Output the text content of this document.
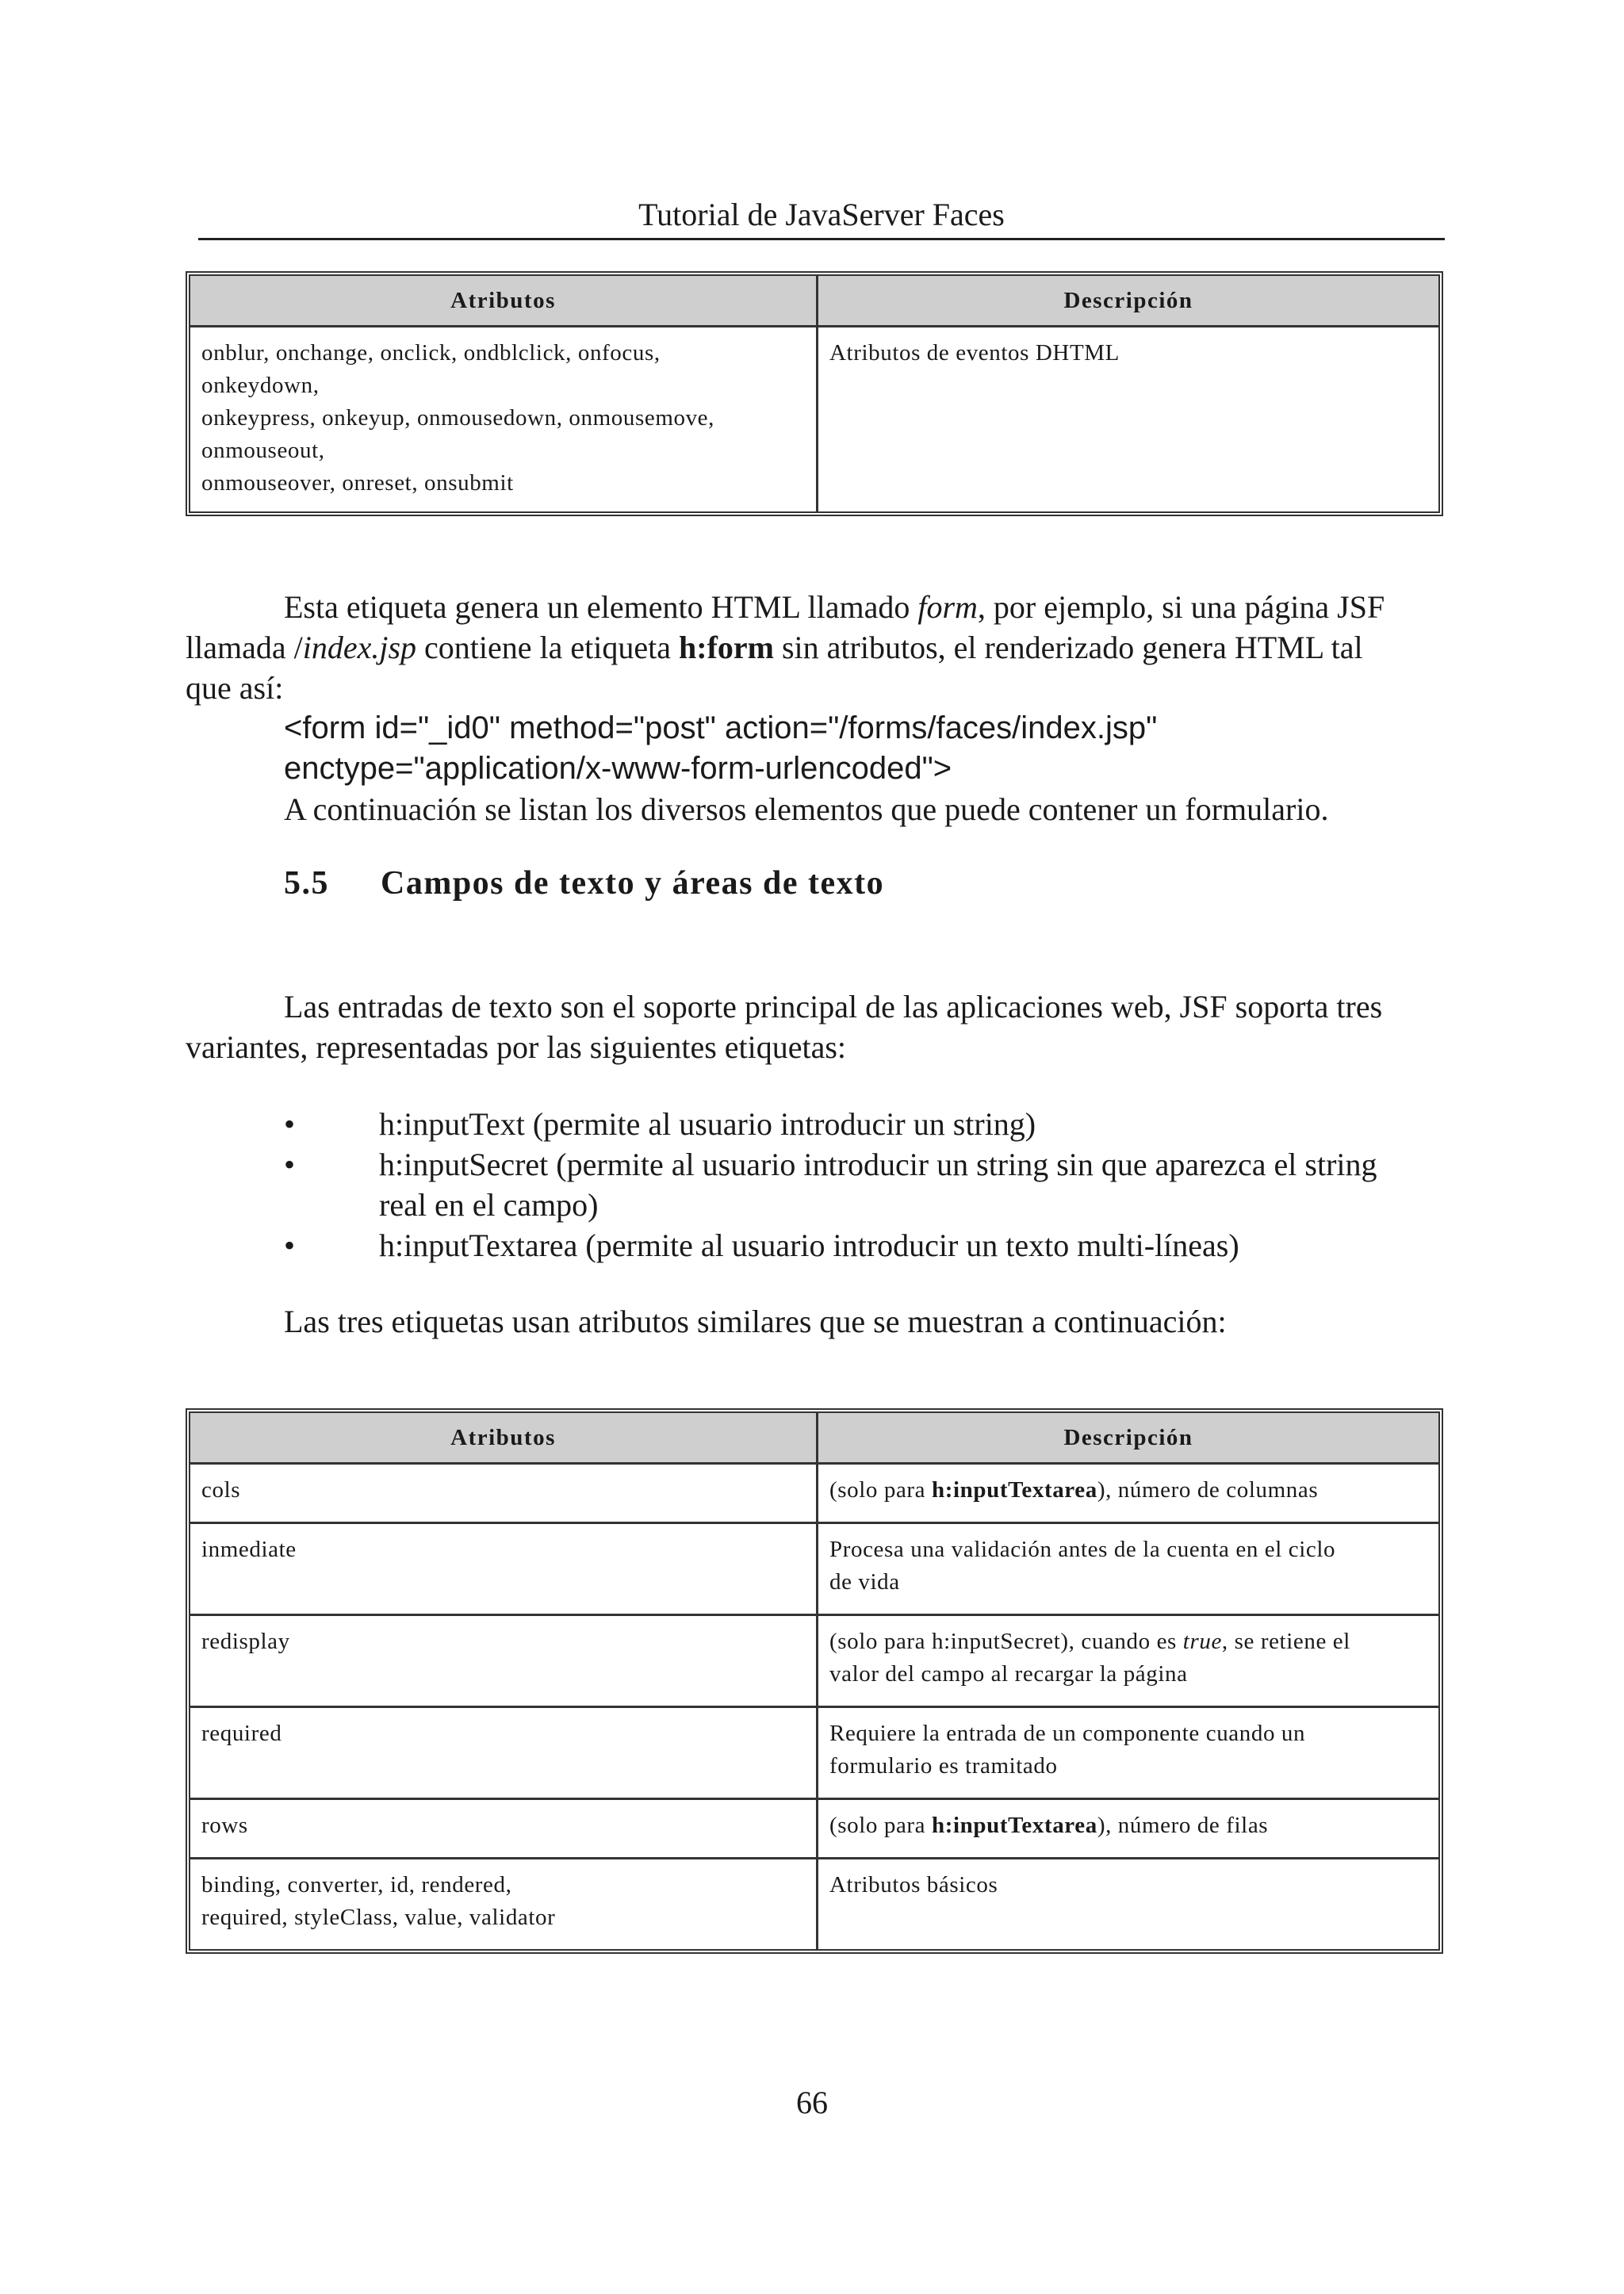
Tutorial de JavaServer Faces
Atributos	Descripción

onblur, onchange, onclick, ondblclick, onfocus,
onkeydown,
onkeypress, onkeyup, onmousedown, onmousemove,
onmouseout,
onmouseover, onreset, onsubmit	Atributos de eventos DHTML
Esta etiqueta genera un elemento HTML llamado form, por ejemplo, si una página JSF
llamada /index.jsp contiene la etiqueta h:form sin atributos, el renderizado genera HTML tal
que así:
<form id="_id0" method="post" action="/forms/faces/index.jsp"
enctype="application/x-www-form-urlencoded">
A continuación se listan los diversos elementos que puede contener un formulario.
5.5 Campos de texto y áreas de texto
Las entradas de texto son el soporte principal de las aplicaciones web, JSF soporta tres
variantes, representadas por las siguientes etiquetas:
•	h:inputText (permite al usuario introducir un string)
•	h:inputSecret (permite al usuario introducir un string sin que aparezca el string
real en el campo)
•	h:inputTextarea (permite al usuario introducir un texto multi-líneas)
Las tres etiquetas usan atributos similares que se muestran a continuación:
Atributos	Descripción
cols	(solo para h:inputTextarea), número de columnas
inmediate	Procesa una validación antes de la cuenta en el ciclo
de vida

redisplay	(solo para h:inputSecret), cuando es true, se retiene el
valor del campo al recargar la página

required	Requiere la entrada de un componente cuando un
formulario es tramitado

rows	(solo para h:inputTextarea), número de filas

binding, converter, id, rendered,
required, styleClass, value, validator	Atributos básicos
66
